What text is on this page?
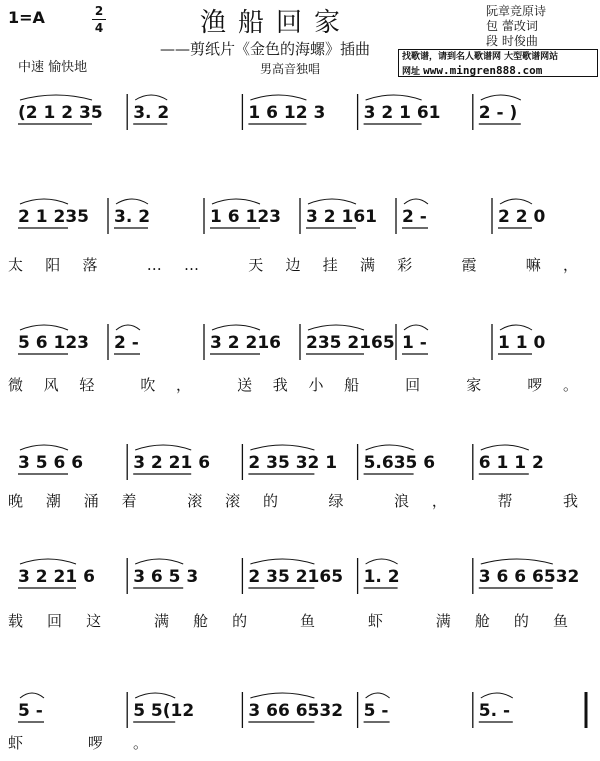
1=A	2
4
中速 愉快地
渔船回家
——剪纸片《金色的海螺》插曲
男高音独唱
阮章竞原诗
包 蕾改词
段 时俊曲
找歌谱，请到名人歌谱网 大型歌谱网站
网址 www.mingren888.com
(2 1 2 35 3. 2	1 6 12 3 3 2 1 61 2 - )
2 1 235 3. 2	1 6 123 3 2 161 2 -	2 2 0
太阳落 …… 天边挂满彩 霞 嘛，
5 6 123 2 -	3 2 216 235 2165 1 -	1 1 0
微风轻 吹， 送我小船 回 家 啰。
3 5 6 6	3 2 21 6 2 35 32 1 5.635 6	6 1 1 2
晚潮涌着 滚滚的 绿 浪， 帮 我
3 2 21 6 3 6 5 3	2 35 2165 1. 2	3 6 6 6532
载回这 满舱的 鱼 虾 满舱的鱼
5 -	5 5(12	3 66 6532 5 -	5. -
虾 啰。
